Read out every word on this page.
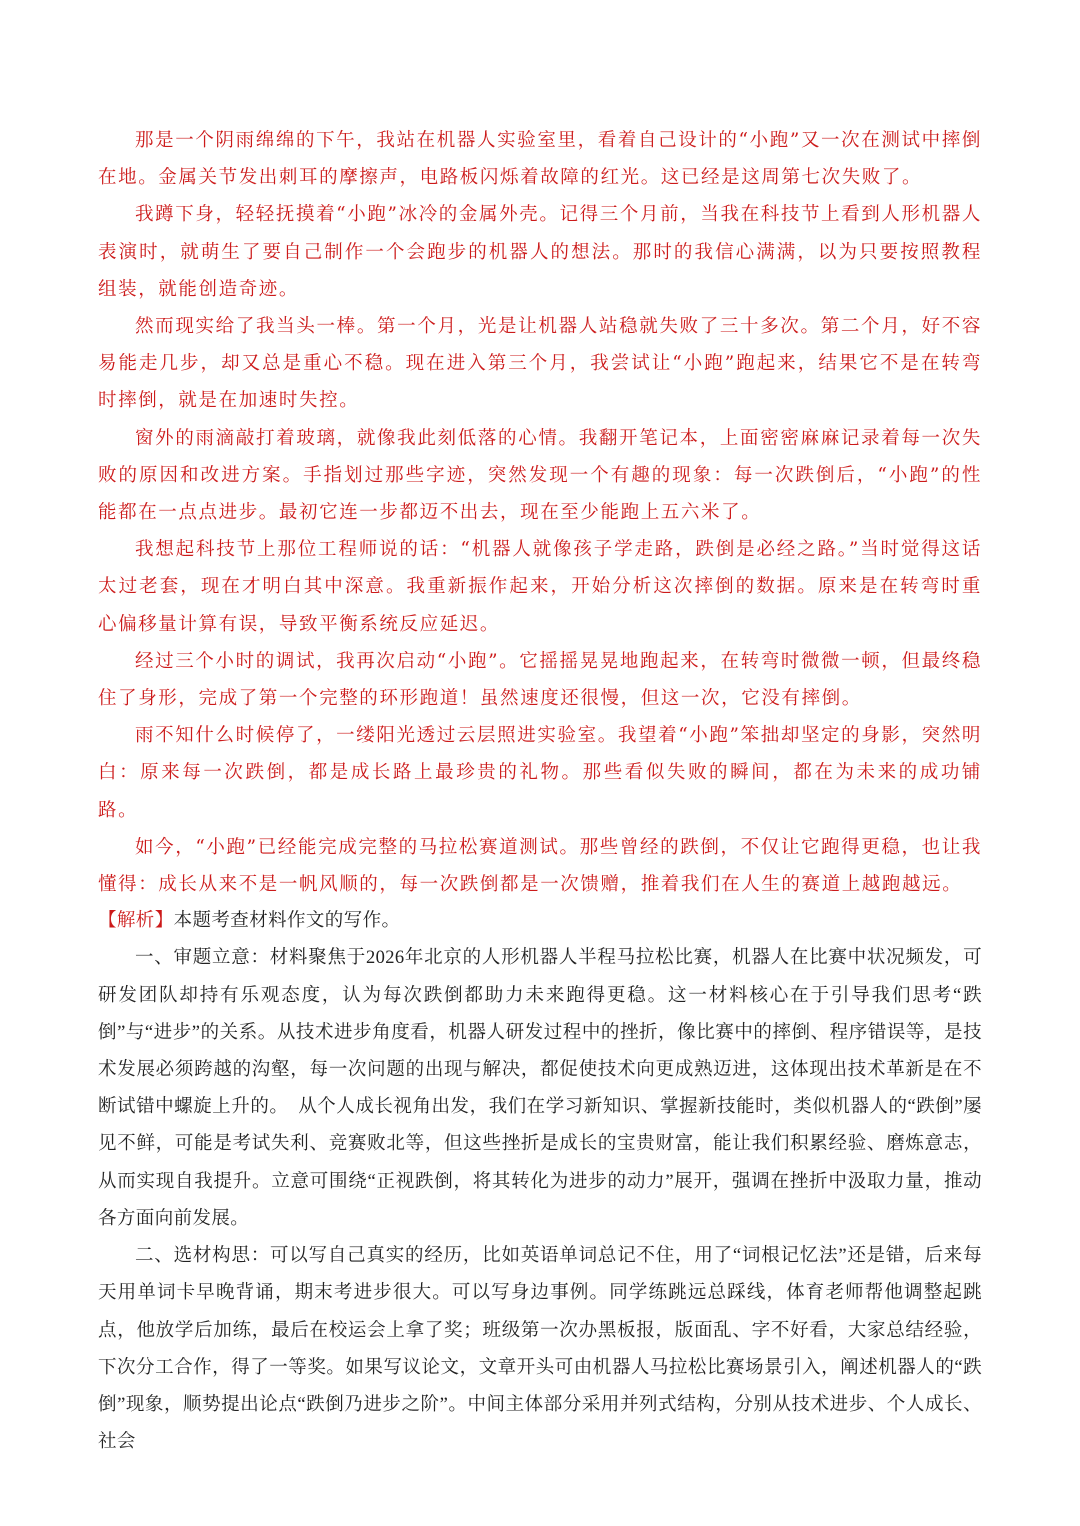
那是一个阴雨绵绵的下午，我站在机器人实验室里，看着自己设计的“小跑”又一次在测试中摔倒在地。金属关节发出刺耳的摩擦声，电路板闪烁着故障的红光。这已经是这周第七次失败了。

我蹲下身，轻轻抚摸着“小跑”冰冷的金属外壳。记得三个月前，当我在科技节上看到人形机器人表演时，就萌生了要自己制作一个会跑步的机器人的想法。那时的我信心满满，以为只要按照教程组装，就能创造奇迹。

然而现实给了我当头一棒。第一个月，光是让机器人站稳就失败了三十多次。第二个月，好不容易能走几步，却又总是重心不稳。现在进入第三个月，我尝试让“小跑”跑起来，结果它不是在转弯时摔倒，就是在加速时失控。

窗外的雨滴敲打着玻璃，就像我此刻低落的心情。我翻开笔记本，上面密密麻麻记录着每一次失败的原因和改进方案。手指划过那些字迹，突然发现一个有趣的现象：每一次跌倒后，“小跑”的性能都在一点点进步。最初它连一步都迈不出去，现在至少能跑上五六米了。

我想起科技节上那位工程师说的话：“机器人就像孩子学走路，跌倒是必经之路。”当时觉得这话太过老套，现在才明白其中深意。我重新振作起来，开始分析这次摔倒的数据。原来是在转弯时重心偏移量计算有误，导致平衡系统反应延迟。

经过三个小时的调试，我再次启动“小跑”。它摇摇晃晃地跑起来，在转弯时微微一顿，但最终稳住了身形，完成了第一个完整的环形跑道！虽然速度还很慢，但这一次，它没有摔倒。

雨不知什么时候停了，一缕阳光透过云层照进实验室。我望着“小跑”笨拙却坚定的身影，突然明白：原来每一次跌倒，都是成长路上最珍贵的礼物。那些看似失败的瞬间，都在为未来的成功铺路。

如今，“小跑”已经能完成完整的马拉松赛道测试。那些曾经的跌倒，不仅让它跑得更稳，也让我懂得：成长从来不是一帆风顺的，每一次跌倒都是一次馈赠，推着我们在人生的赛道上越跑越远。

【解析】本题考查材料作文的写作。

一、审题立意：材料聚焦于2026年北京的人形机器人半程马拉松比赛，机器人在比赛中状况频发，可研发团队却持有乐观态度，认为每次跌倒都助力未来跑得更稳。这一材料核心在于引导我们思考“跌倒”与“进步”的关系。从技术进步角度看，机器人研发过程中的挫折，像比赛中的摔倒、程序错误等，是技术发展必须跨越的沟壑，每一次问题的出现与解决，都促使技术向更成熟迈进，这体现出技术革新是在不断试错中螺旋上升的。　从个人成长视角出发，我们在学习新知识、掌握新技能时，类似机器人的“跌倒”屡见不鲜，可能是考试失利、竞赛败北等，但这些挫折是成长的宝贵财富，能让我们积累经验、磨炼意志，从而实现自我提升。立意可围绕“正视跌倒，将其转化为进步的动力”展开，强调在挫折中汲取力量，推动各方面向前发展。

二、选材构思：可以写自己真实的经历，比如英语单词总记不住，用了“词根记忆法”还是错，后来每天用单词卡早晚背诵，期末考进步很大。可以写身边事例。同学练跳远总踩线，体育老师帮他调整起跳点，他放学后加练，最后在校运会上拿了奖；班级第一次办黑板报，版面乱、字不好看，大家总结经验，下次分工合作，得了一等奖。如果写议论文，文章开头可由机器人马拉松比赛场景引入，阐述机器人的“跌倒”现象，顺势提出论点“跌倒乃进步之阶”。中间主体部分采用并列式结构，分别从技术进步、个人成长、社会
